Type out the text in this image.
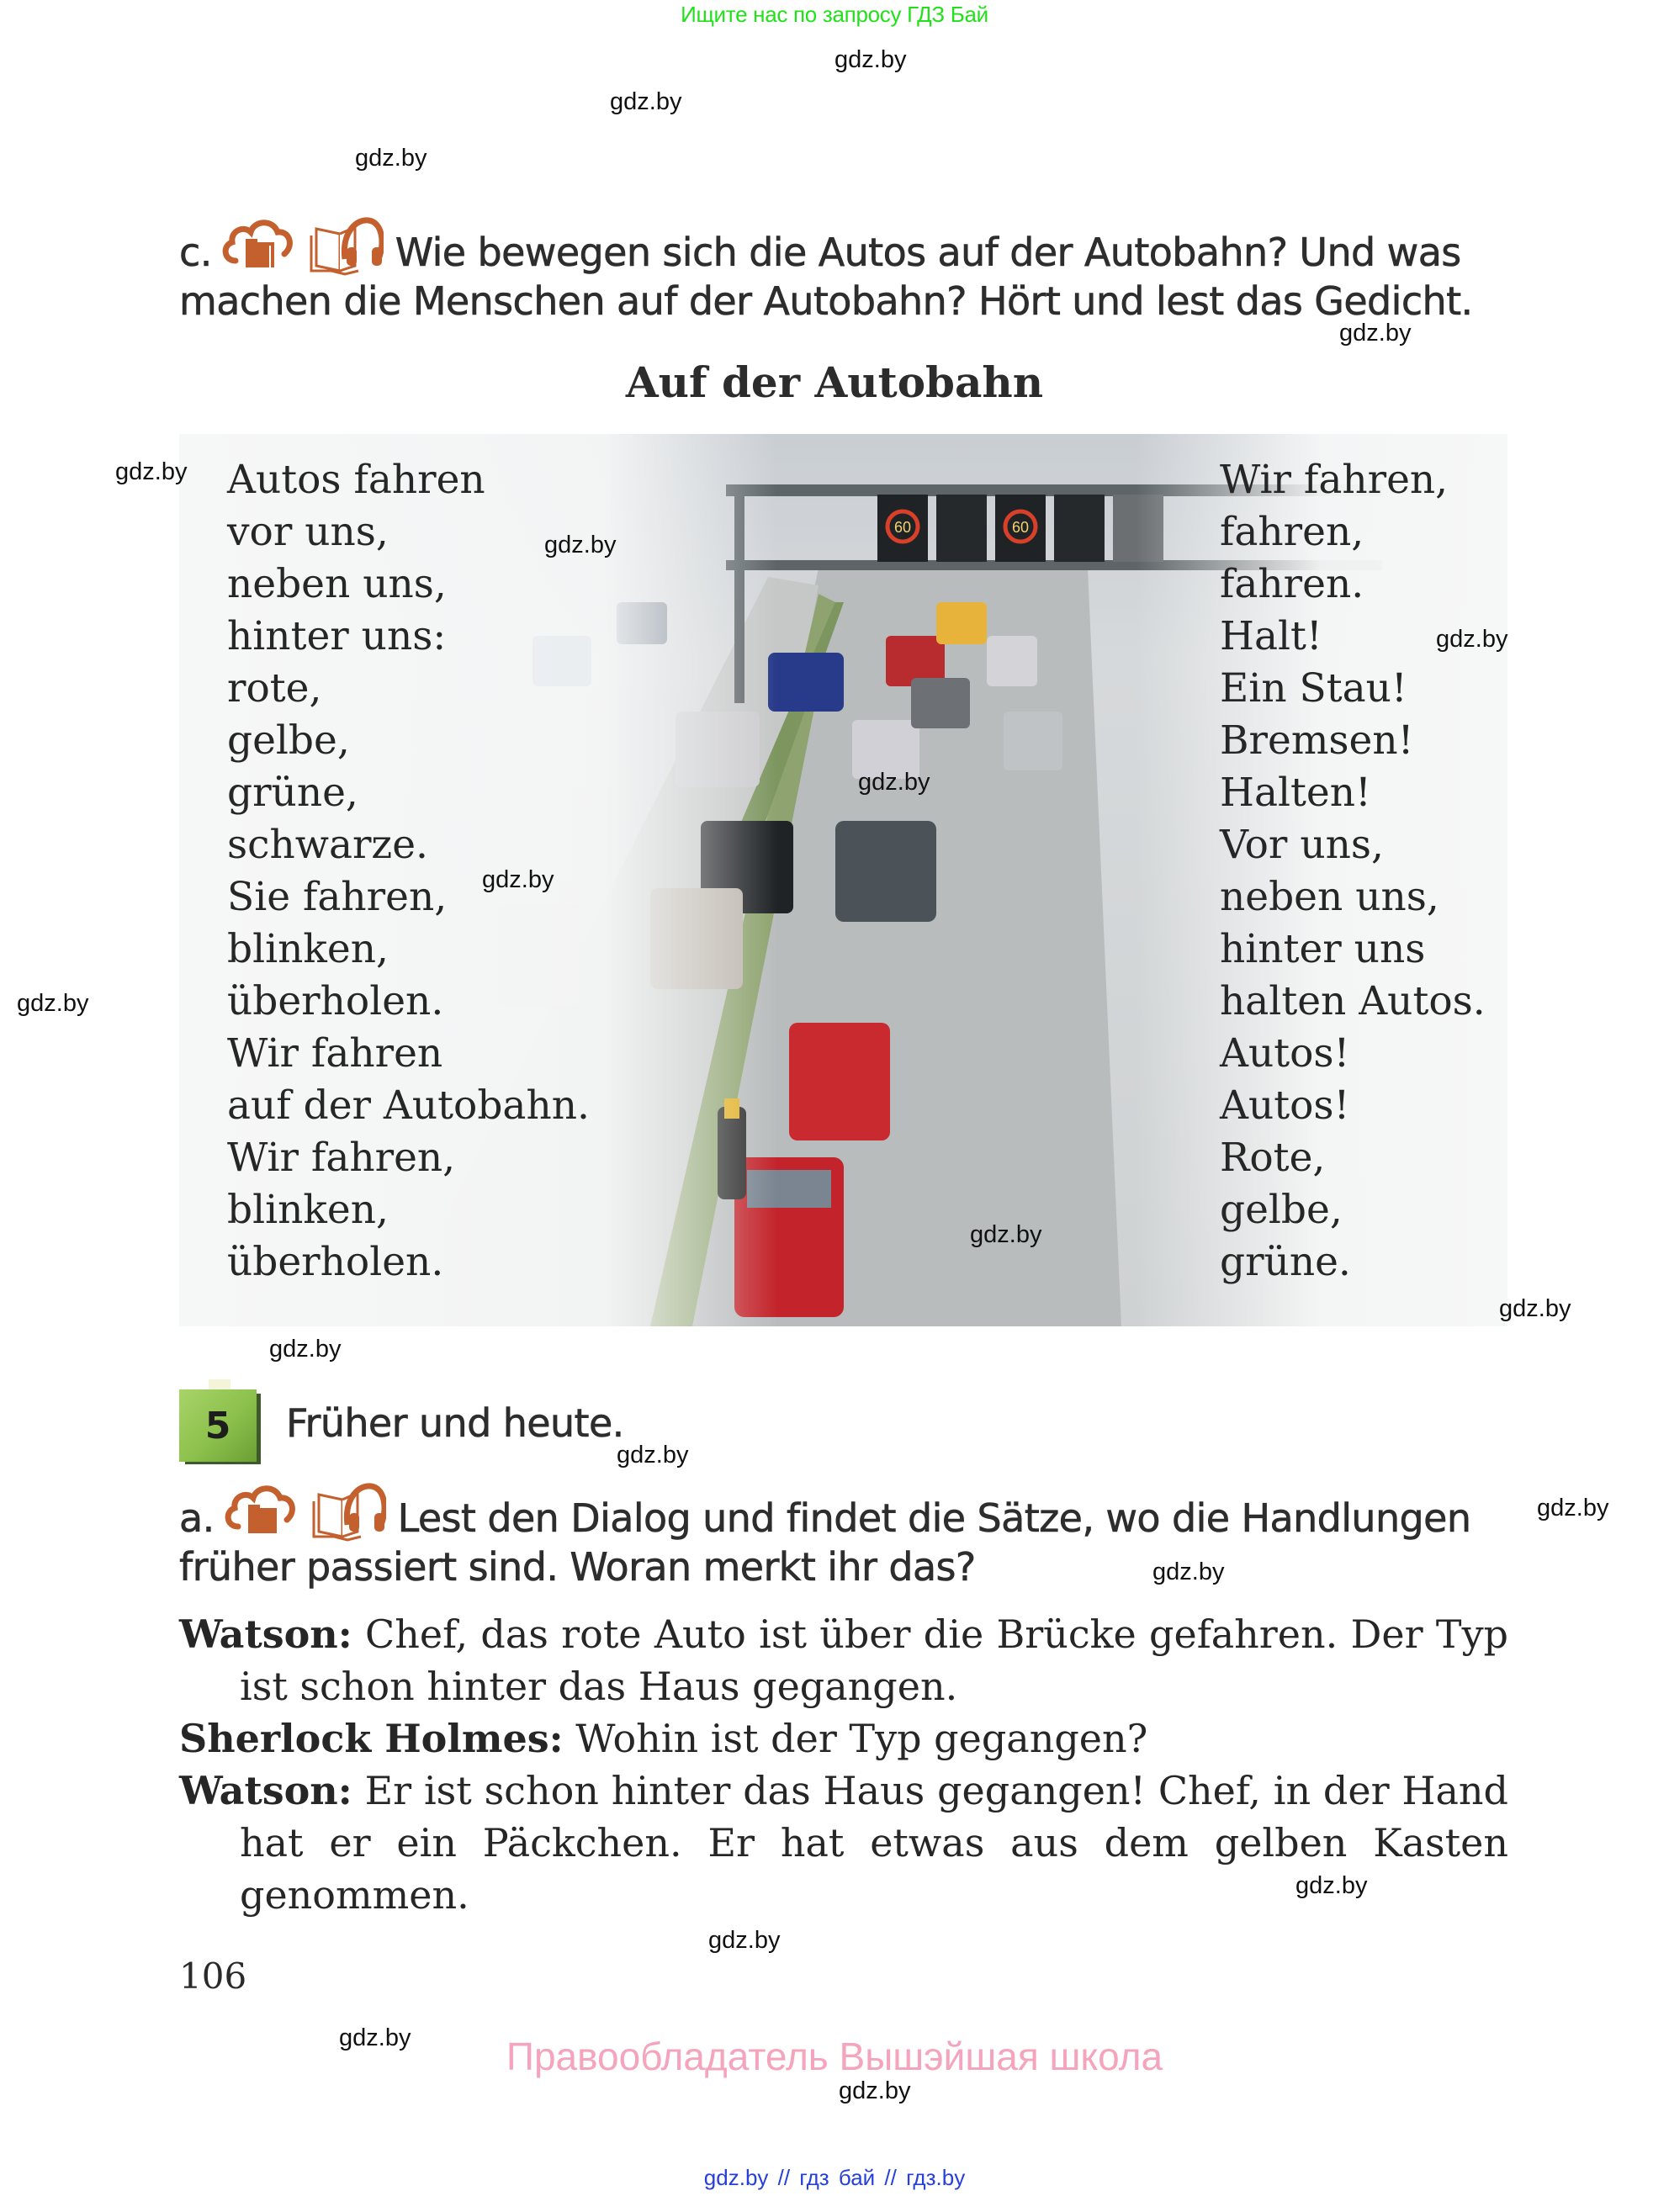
Ищите нас по запросу ГДЗ Бай
c.	Wie bewegen sich die Autos auf der Autobahn? Und was
machen die Menschen auf der Autobahn? Hört und lest das Gedicht.
Auf der Autobahn
Autos fahren
vor uns,
neben uns,
hinter uns:
rote,
gelbe,
grüne,
schwarze.
Sie fahren,
blinken,
überholen.
Wir fahren
auf der Autobahn.
Wir fahren,
blinken,
überholen.
Wir fahren,
fahren,
fahren.
Halt!
Ein Stau!
Bremsen!
Halten!
Vor uns,
neben uns,
hinter uns
halten Autos.
Autos!
Autos!
Rote,
gelbe,
grüne.
5	Früher und heute.
a.	Lest den Dialog und findet die Sätze, wo die Handlungen
früher passiert sind. Woran merkt ihr das?

Watson: Chef, das rote Auto ist über die Brücke gefahren. Der Typ ist schon hinter das Haus gegangen.

Sherlock Holmes: Wohin ist der Typ gegangen?

Watson: Er ist schon hinter das Haus gegangen! Chef, in der Hand hat er ein Päckchen. Er hat etwas aus dem gelben Kasten genommen.

106
Правообладатель Вышэйшая школа
gdz.by // гдз бай // гдз.by
gdz.by
gdz.by
gdz.by
gdz.by
gdz.by
gdz.by
gdz.by
gdz.by
gdz.by
gdz.by
gdz.by
gdz.by
gdz.by
gdz.by
gdz.by
gdz.by
gdz.by
gdz.by
gdz.by
gdz.by
